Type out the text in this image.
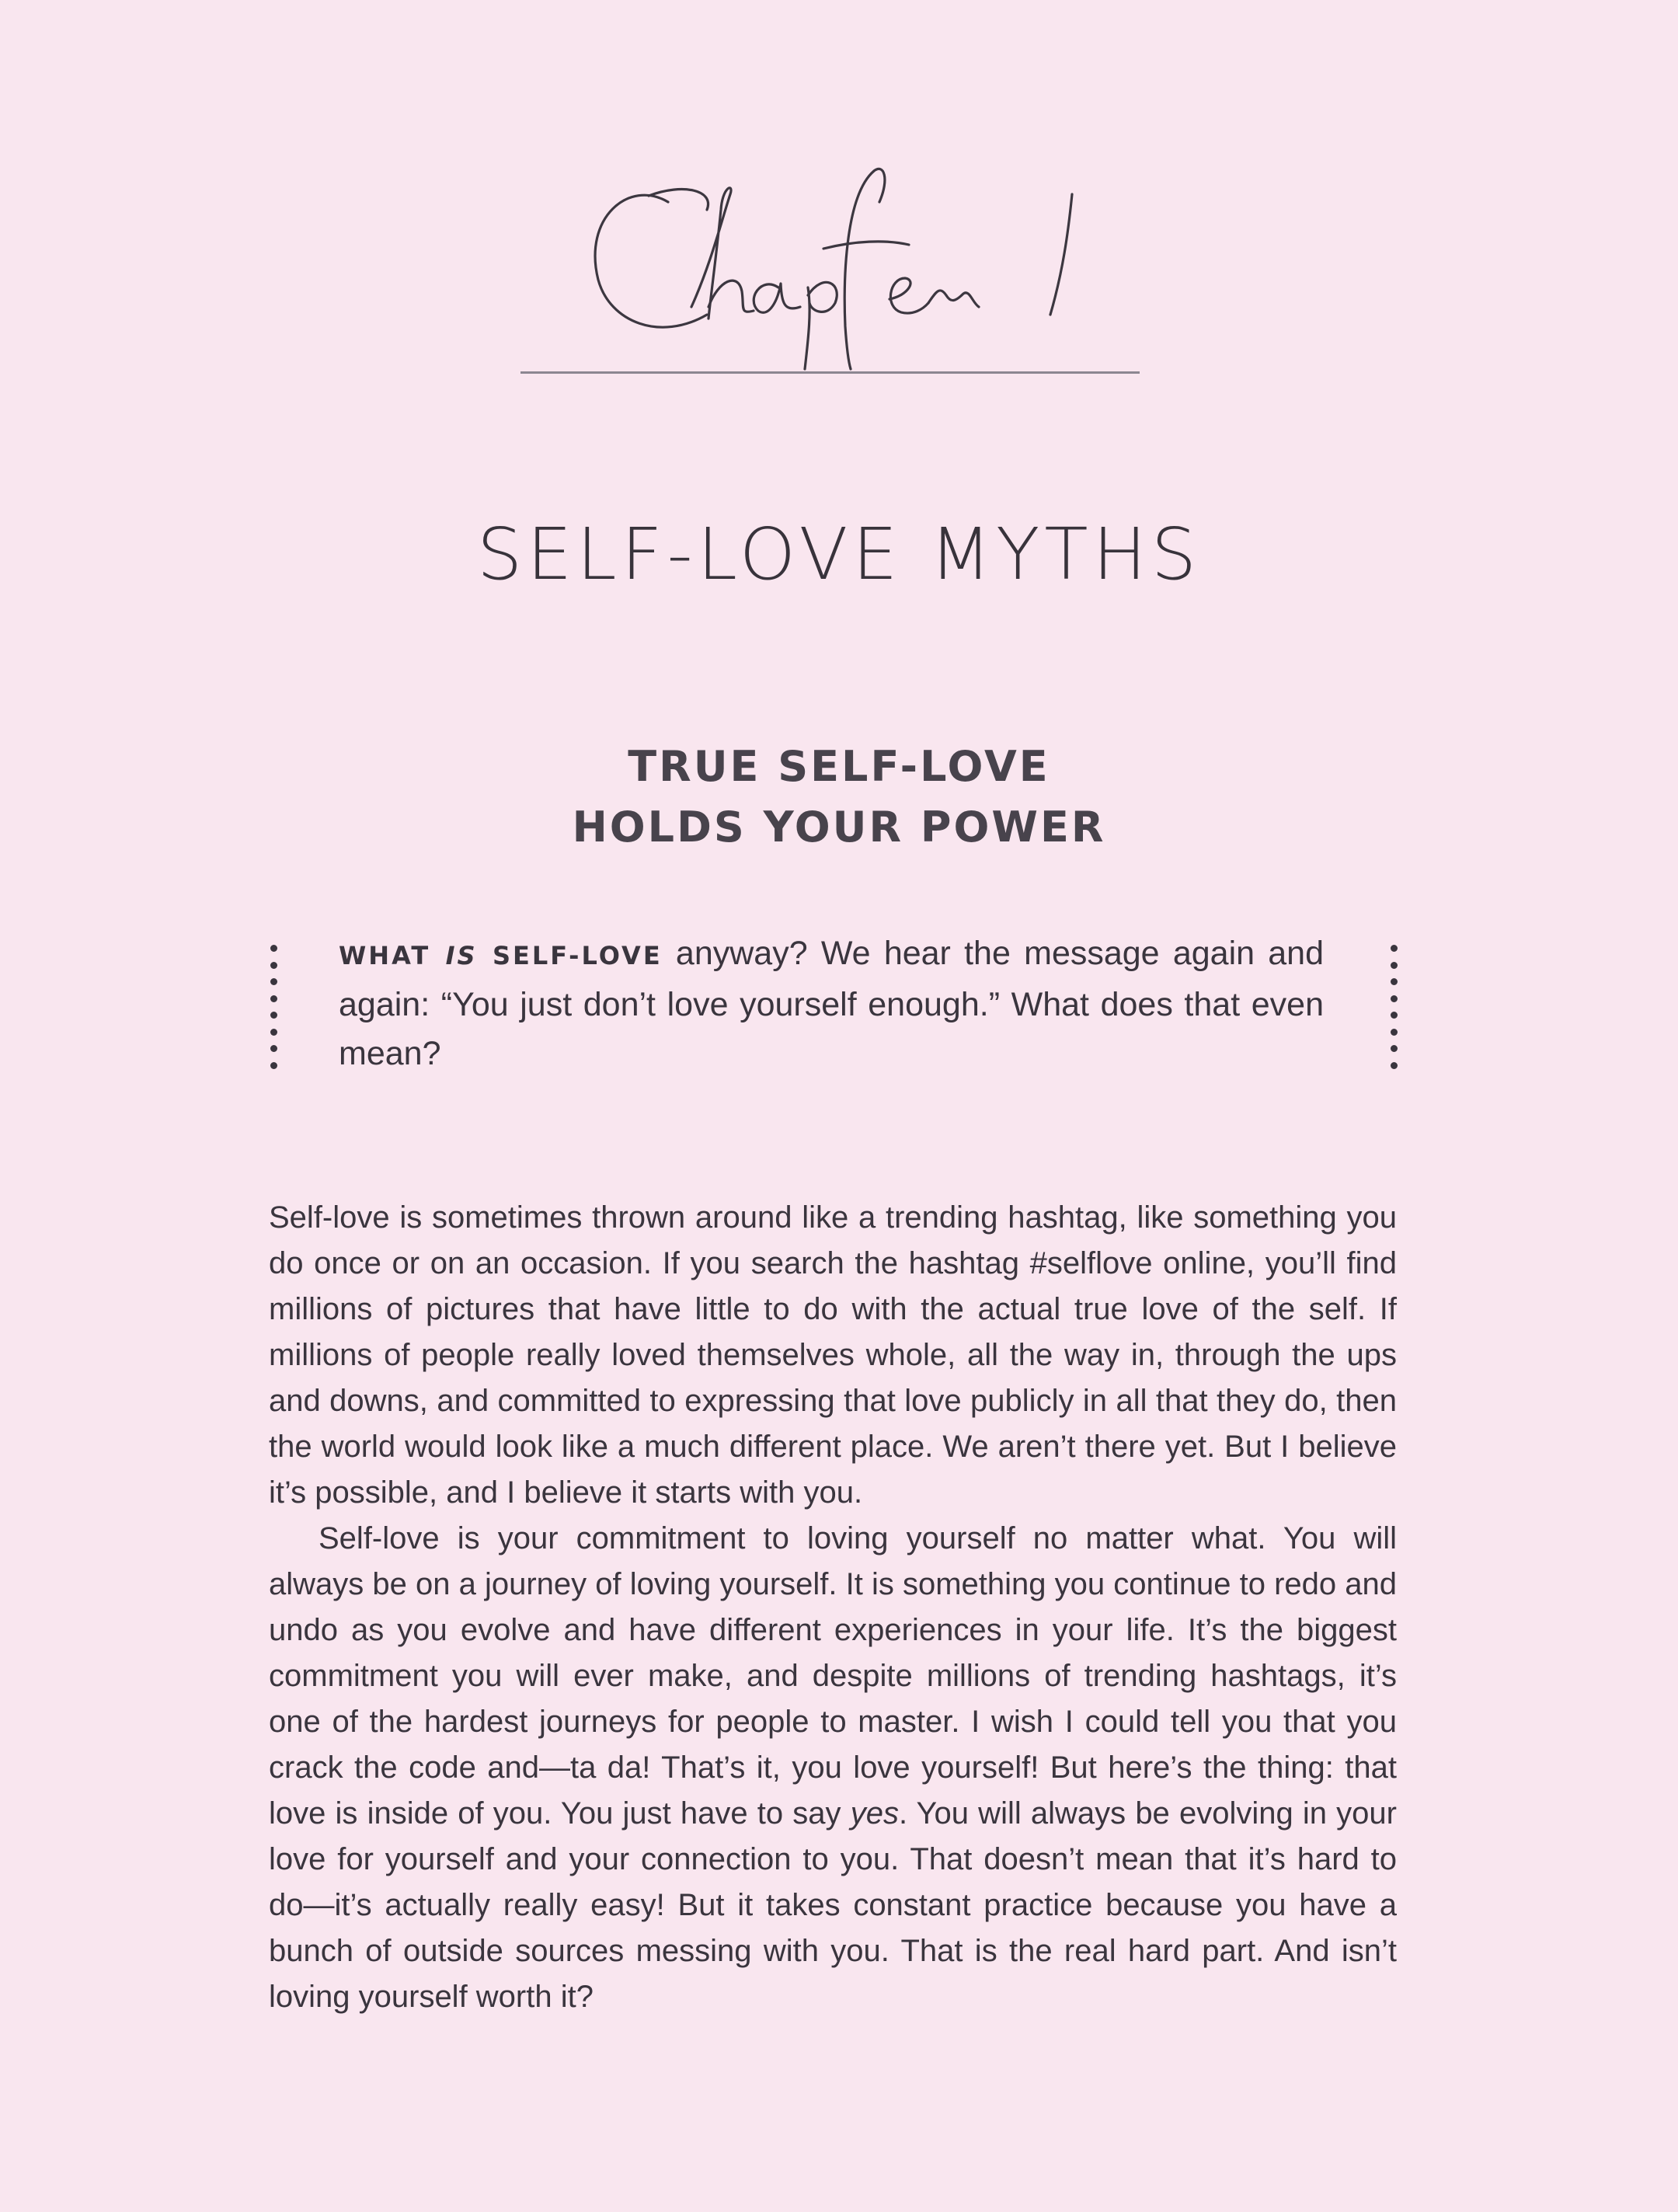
SELF-LOVE MYTHS
TRUE SELF-LOVE
HOLDS YOUR POWER

WHAT IS SELF-LOVE anyway? We hear the message again and again: “You just don’t love yourself enough.” What does that even mean?

Self-love is sometimes thrown around like a trending hashtag, like something you do once or on an occasion. If you search the hashtag #selflove online, you’ll find millions of pictures that have little to do with the actual true love of the self. If millions of people really loved themselves whole, all the way in, through the ups and downs, and committed to expressing that love publicly in all that they do, then the world would look like a much different place. We aren’t there yet. But I believe it’s possible, and I believe it starts with you.

Self-love is your commitment to loving yourself no matter what. You will always be on a journey of loving yourself. It is something you continue to redo and undo as you evolve and have different experiences in your life. It’s the biggest commitment you will ever make, and despite millions of trending hashtags, it’s one of the hardest journeys for people to master. I wish I could tell you that you crack the code and—ta da! That’s it, you love yourself! But here’s the thing: that love is inside of you. You just have to say yes. You will always be evolving in your love for yourself and your connection to you. That doesn’t mean that it’s hard to do—it’s actually really easy! But it takes constant practice because you have a bunch of outside sources messing with you. That is the real hard part. And isn’t loving yourself worth it?
